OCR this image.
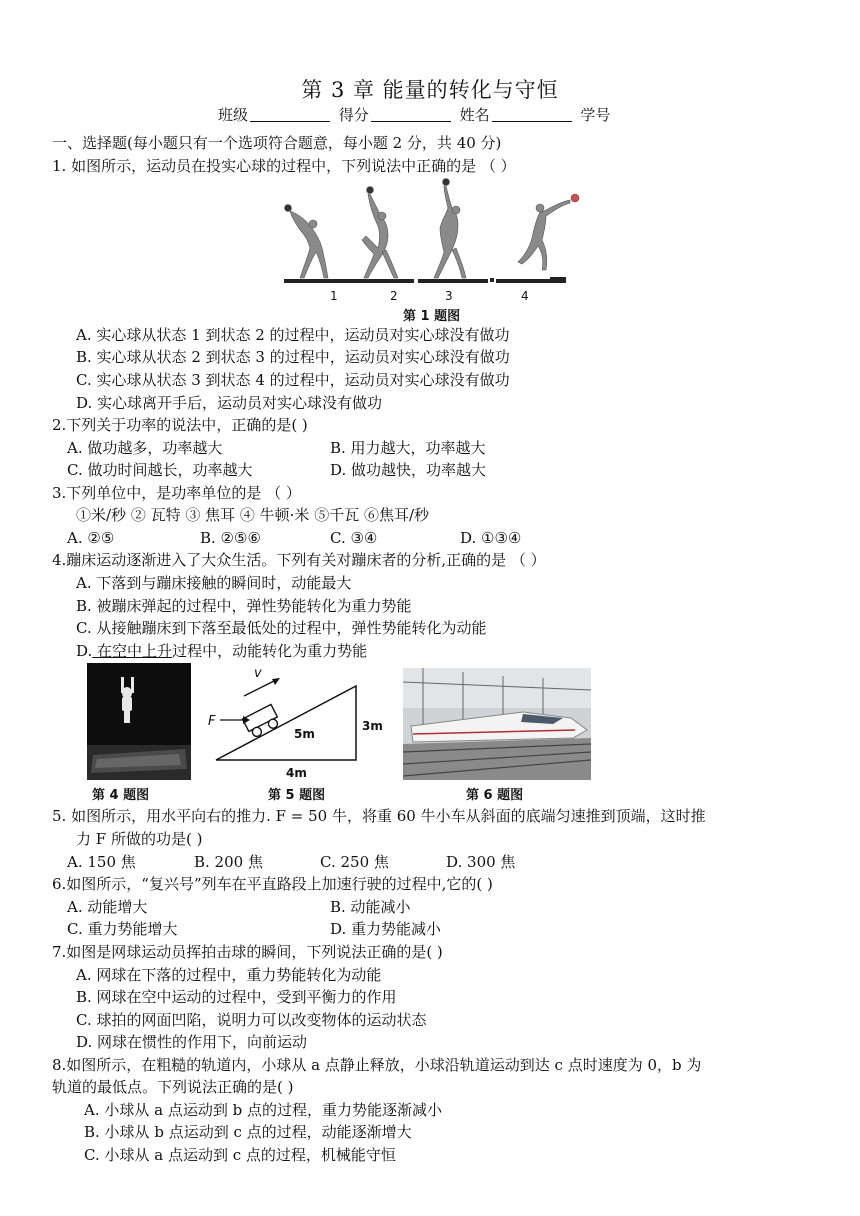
第 3 章 能量的转化与守恒
班级	得分	姓名	学号
一、选择题(每小题只有一个选项符合题意，每小题 2 分，共 40 分)
1. 如图所示，运动员在投实心球的过程中，下列说法中正确的是 （ ）
1	2	3	4
第 1 题图
A. 实心球从状态 1 到状态 2 的过程中，运动员对实心球没有做功
B. 实心球从状态 2 到状态 3 的过程中，运动员对实心球没有做功
C. 实心球从状态 3 到状态 4 的过程中，运动员对实心球没有做功
D. 实心球离开手后，运动员对实心球没有做功
2.下列关于功率的说法中，正确的是( )
A. 做功越多，功率越大	B. 用力越大，功率越大
C. 做功时间越长，功率越大	D. 做功越快，功率越大
3.下列单位中，是功率单位的是 （ ）
①米/秒 ② 瓦特 ③ 焦耳 ④ 牛顿·米 ⑤千瓦 ⑥焦耳/秒
A. ②⑤	B. ②⑤⑥	C. ③④	D. ①③④
4.蹦床运动逐渐进入了大众生活。下列有关对蹦床者的分析,正确的是 （ ）
A. 下落到与蹦床接触的瞬间时，动能最大
B. 被蹦床弹起的过程中，弹性势能转化为重力势能
C. 从接触蹦床到下落至最低处的过程中，弹性势能转化为动能
D. 在空中上升过程中，动能转化为重力势能
第 4 题图
v
F
5m
3m
4m
第 5 题图	第 6 题图
5. 如图所示，用水平向右的推力. F = 50 牛，将重 60 牛小车从斜面的底端匀速推到顶端，这时推
力 F 所做的功是( )
A. 150 焦	B. 200 焦	C. 250 焦	D. 300 焦
6.如图所示，“复兴号”列车在平直路段上加速行驶的过程中,它的( )
A. 动能增大	B. 动能减小
C. 重力势能增大	D. 重力势能减小
7.如图是网球运动员挥拍击球的瞬间，下列说法正确的是( )
A. 网球在下落的过程中，重力势能转化为动能
B. 网球在空中运动的过程中，受到平衡力的作用
C. 球拍的网面凹陷，说明力可以改变物体的运动状态
D. 网球在惯性的作用下，向前运动
8.如图所示，在粗糙的轨道内，小球从 a 点静止释放，小球沿轨道运动到达 c 点时速度为 0，b 为
轨道的最低点。下列说法正确的是( )
A. 小球从 a 点运动到 b 点的过程，重力势能逐渐减小
B. 小球从 b 点运动到 c 点的过程，动能逐渐增大
C. 小球从 a 点运动到 c 点的过程，机械能守恒
